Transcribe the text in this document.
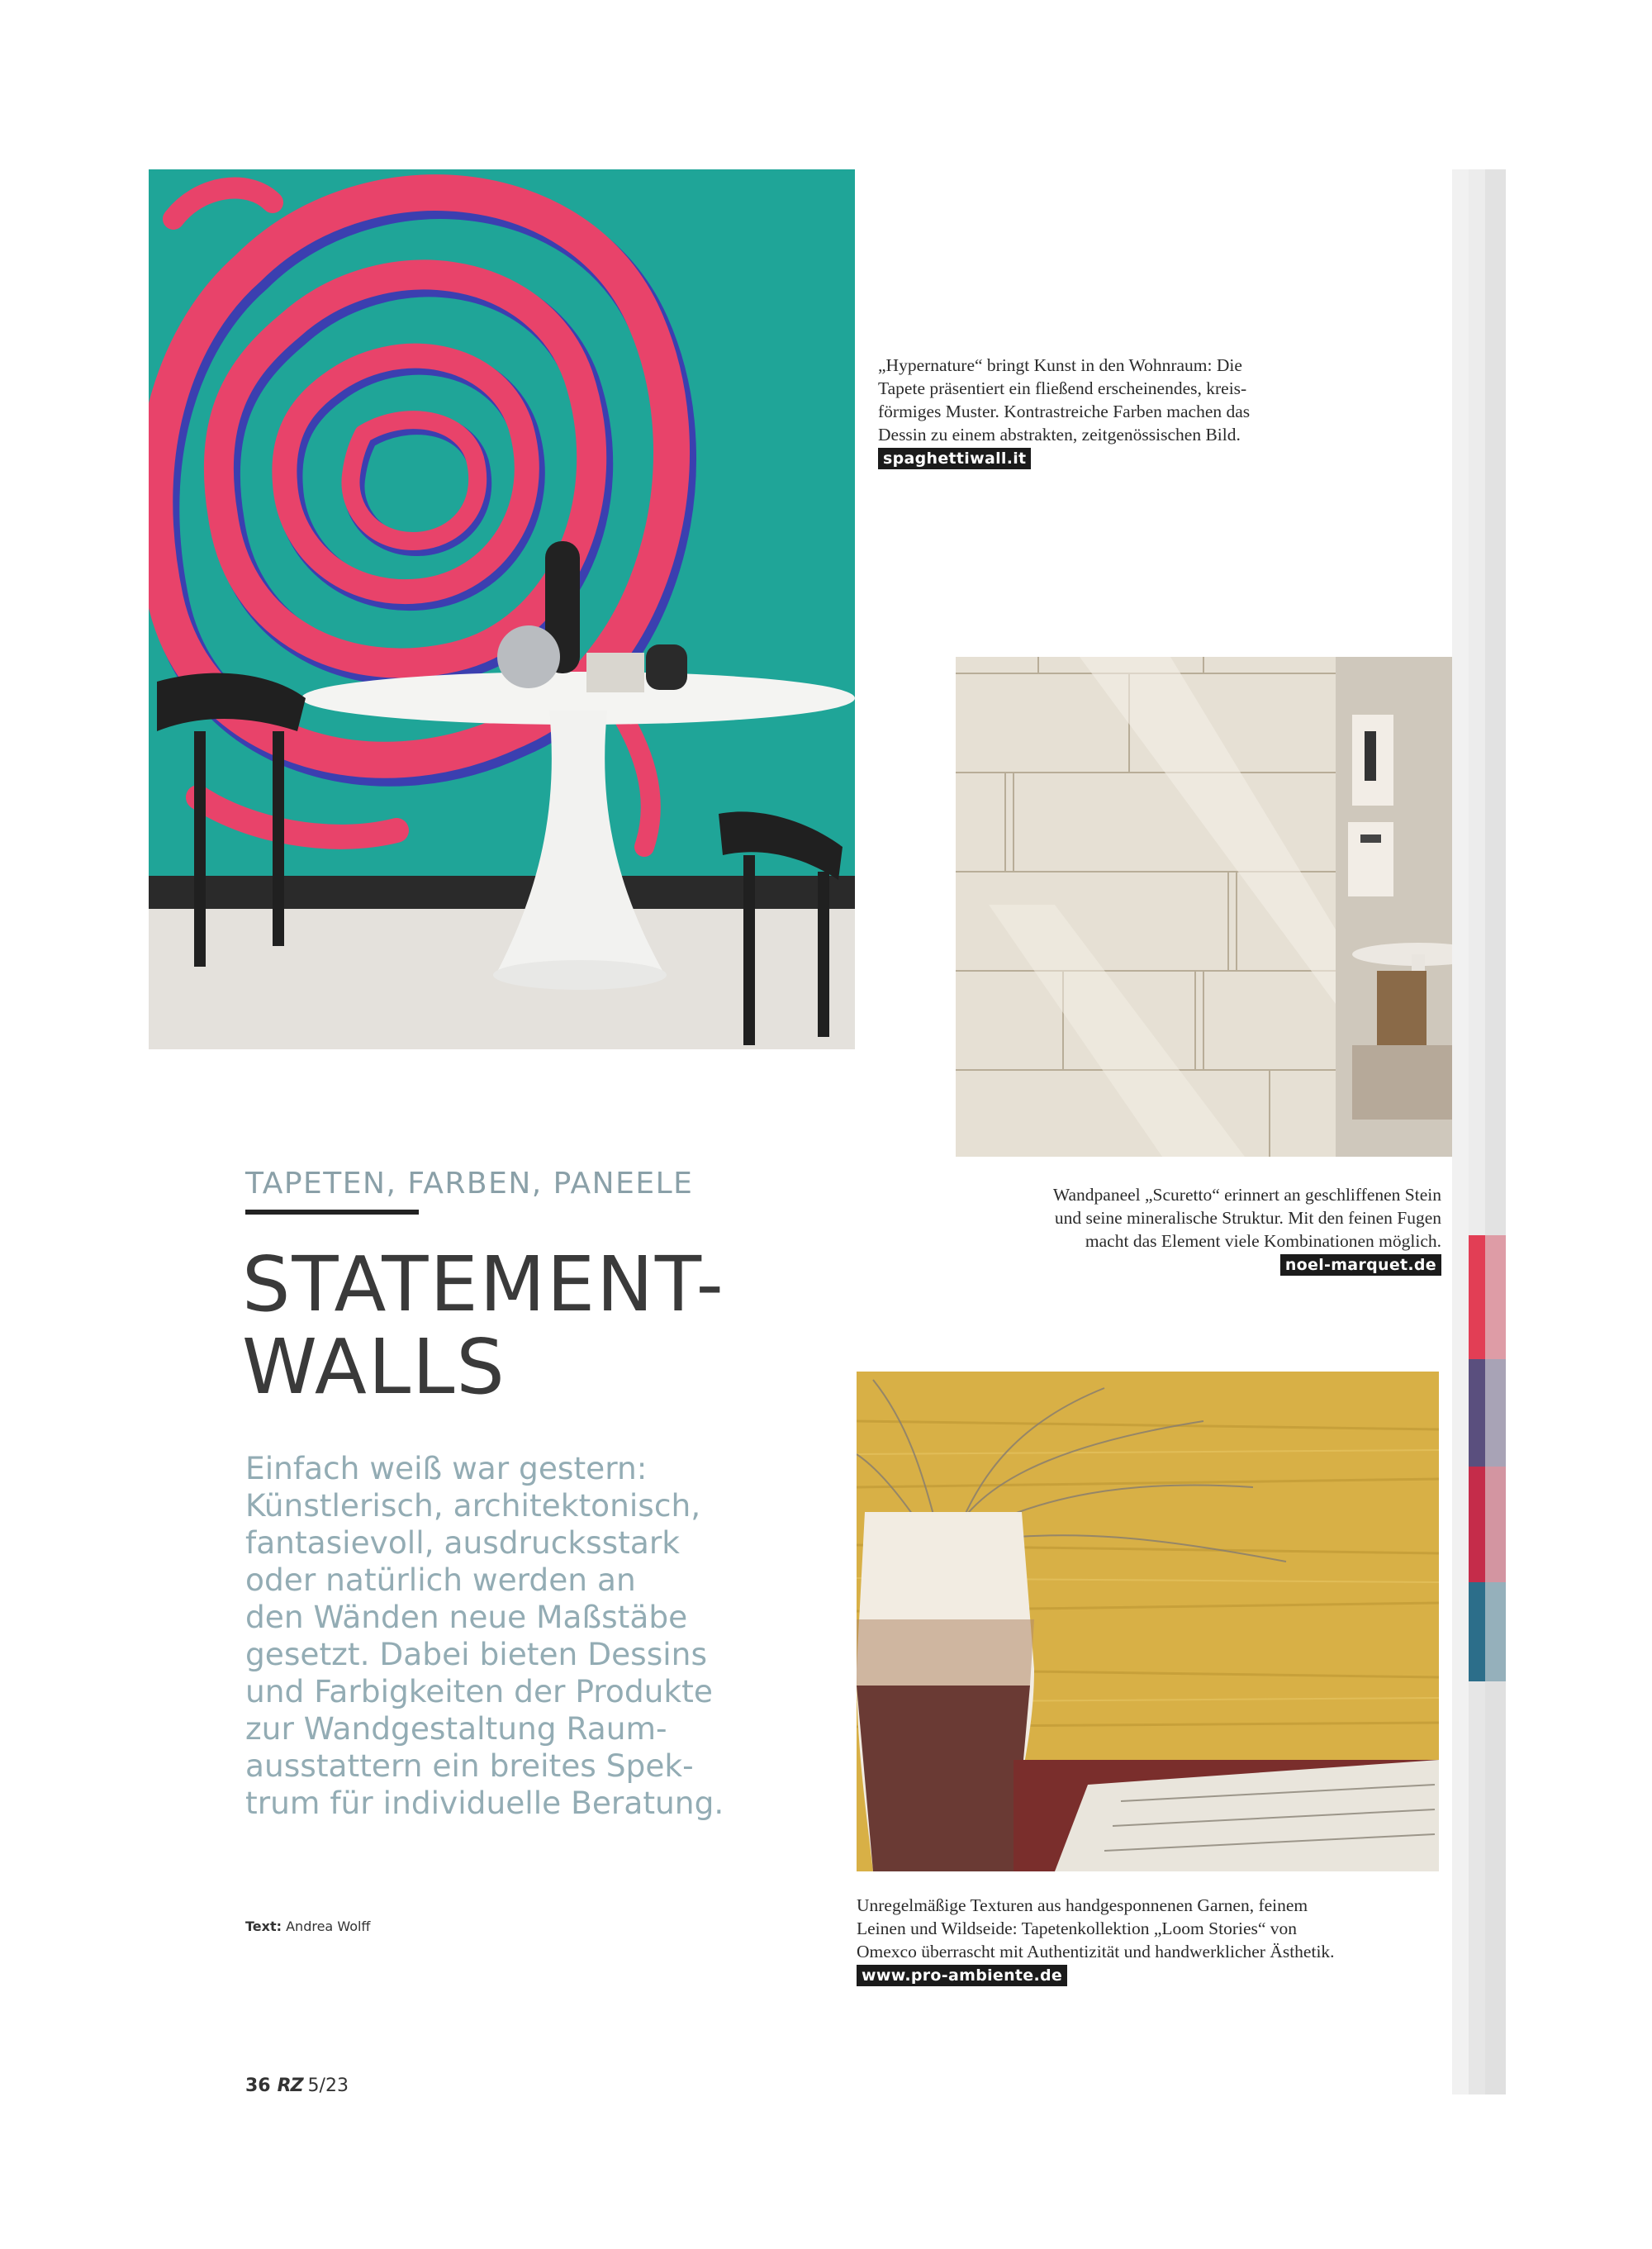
„Hypernature“ bringt Kunst in den Wohnraum: Die
Tapete präsentiert ein fließend erscheinendes, kreis-
förmiges Muster. Kontrastreiche Farben machen das
Dessin zu einem abstrakten, zeitgenössischen Bild.
spaghettiwall.it
Wandpaneel „Scuretto“ erinnert an geschliffenen Stein
und seine mineralische Struktur. Mit den feinen Fugen
macht das Element viele Kombinationen möglich.
noel-marquet.de
Unregelmäßige Texturen aus handgesponnenen Garnen, feinem
Leinen und Wildseide: Tapetenkollektion „Loom Stories“ von
Omexco überrascht mit Authentizität und handwerklicher Ästhetik.
www.pro-ambiente.de
TAPETEN, FARBEN, PANEELE
STATEMENT-
WALLS
Einfach weiß war gestern:
Künstlerisch, architektonisch,
fantasievoll, ausdrucksstark
oder natürlich werden an
den Wänden neue Maßstäbe
gesetzt. Dabei bieten Dessins
und Farbigkeiten der Produkte
zur Wandgestaltung Raum-
ausstattern ein breites Spek-
trum für individuelle Beratung.
Text: Andrea Wolff
36 RZ 5/23
